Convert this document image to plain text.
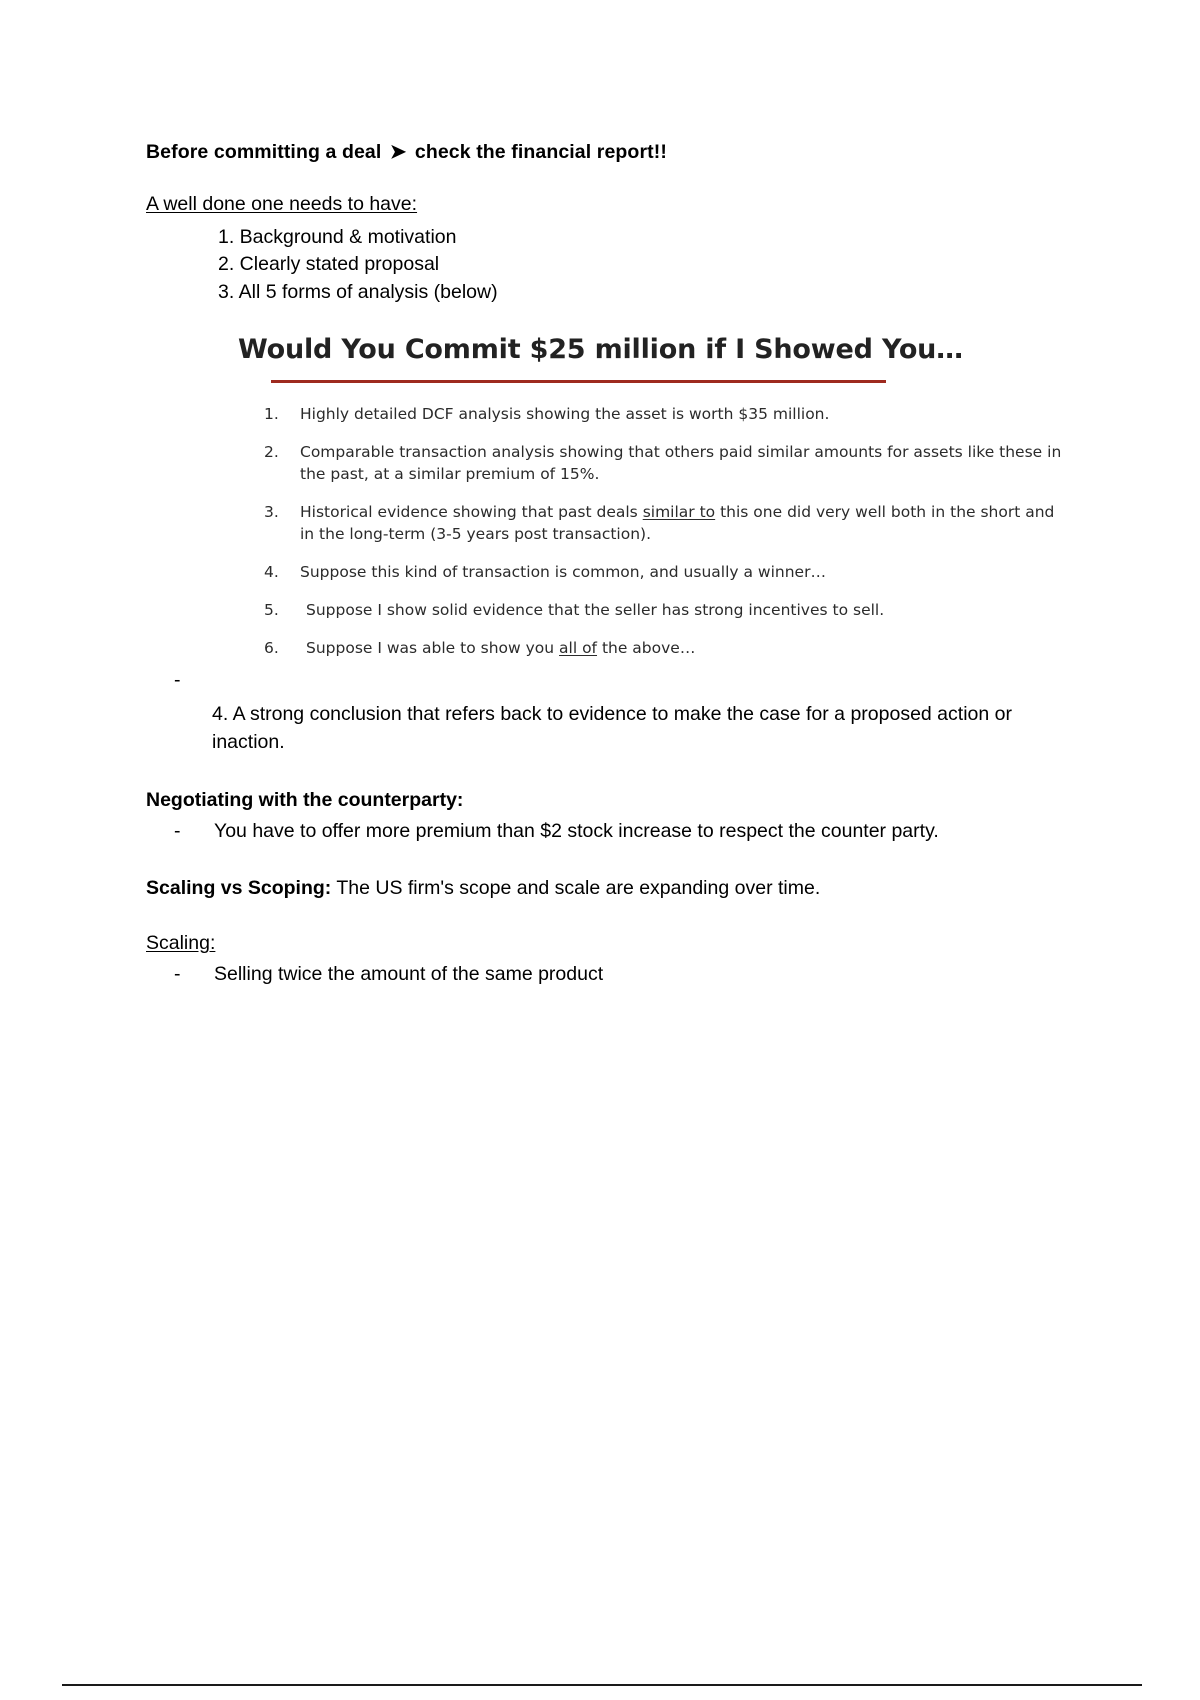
Before committing a deal ➤ check the financial report!!

A well done one needs to have:

1. Background & motivation
2. Clearly stated proposal
3. All 5 forms of analysis (below)
Would You Commit $25 million if I Showed You…
1.	Highly detailed DCF analysis showing the asset is worth $35 million.
2.	Comparable transaction analysis showing that others paid similar amounts for assets like these in the past, at a similar premium of 15%.
3.	Historical evidence showing that past deals similar to this one did very well both in the short and in the long-term (3-5 years post transaction).
4.	Suppose this kind of transaction is common, and usually a winner…
5.	Suppose I show solid evidence that the seller has strong incentives to sell.
6.	Suppose I was able to show you all of the above…
-

4. A strong conclusion that refers back to evidence to make the case for a proposed action or inaction.

Negotiating with the counterparty:

- You have to offer more premium than $2 stock increase to respect the counter party.

Scaling vs Scoping: The US firm's scope and scale are expanding over time.

Scaling:

- Selling twice the amount of the same product
